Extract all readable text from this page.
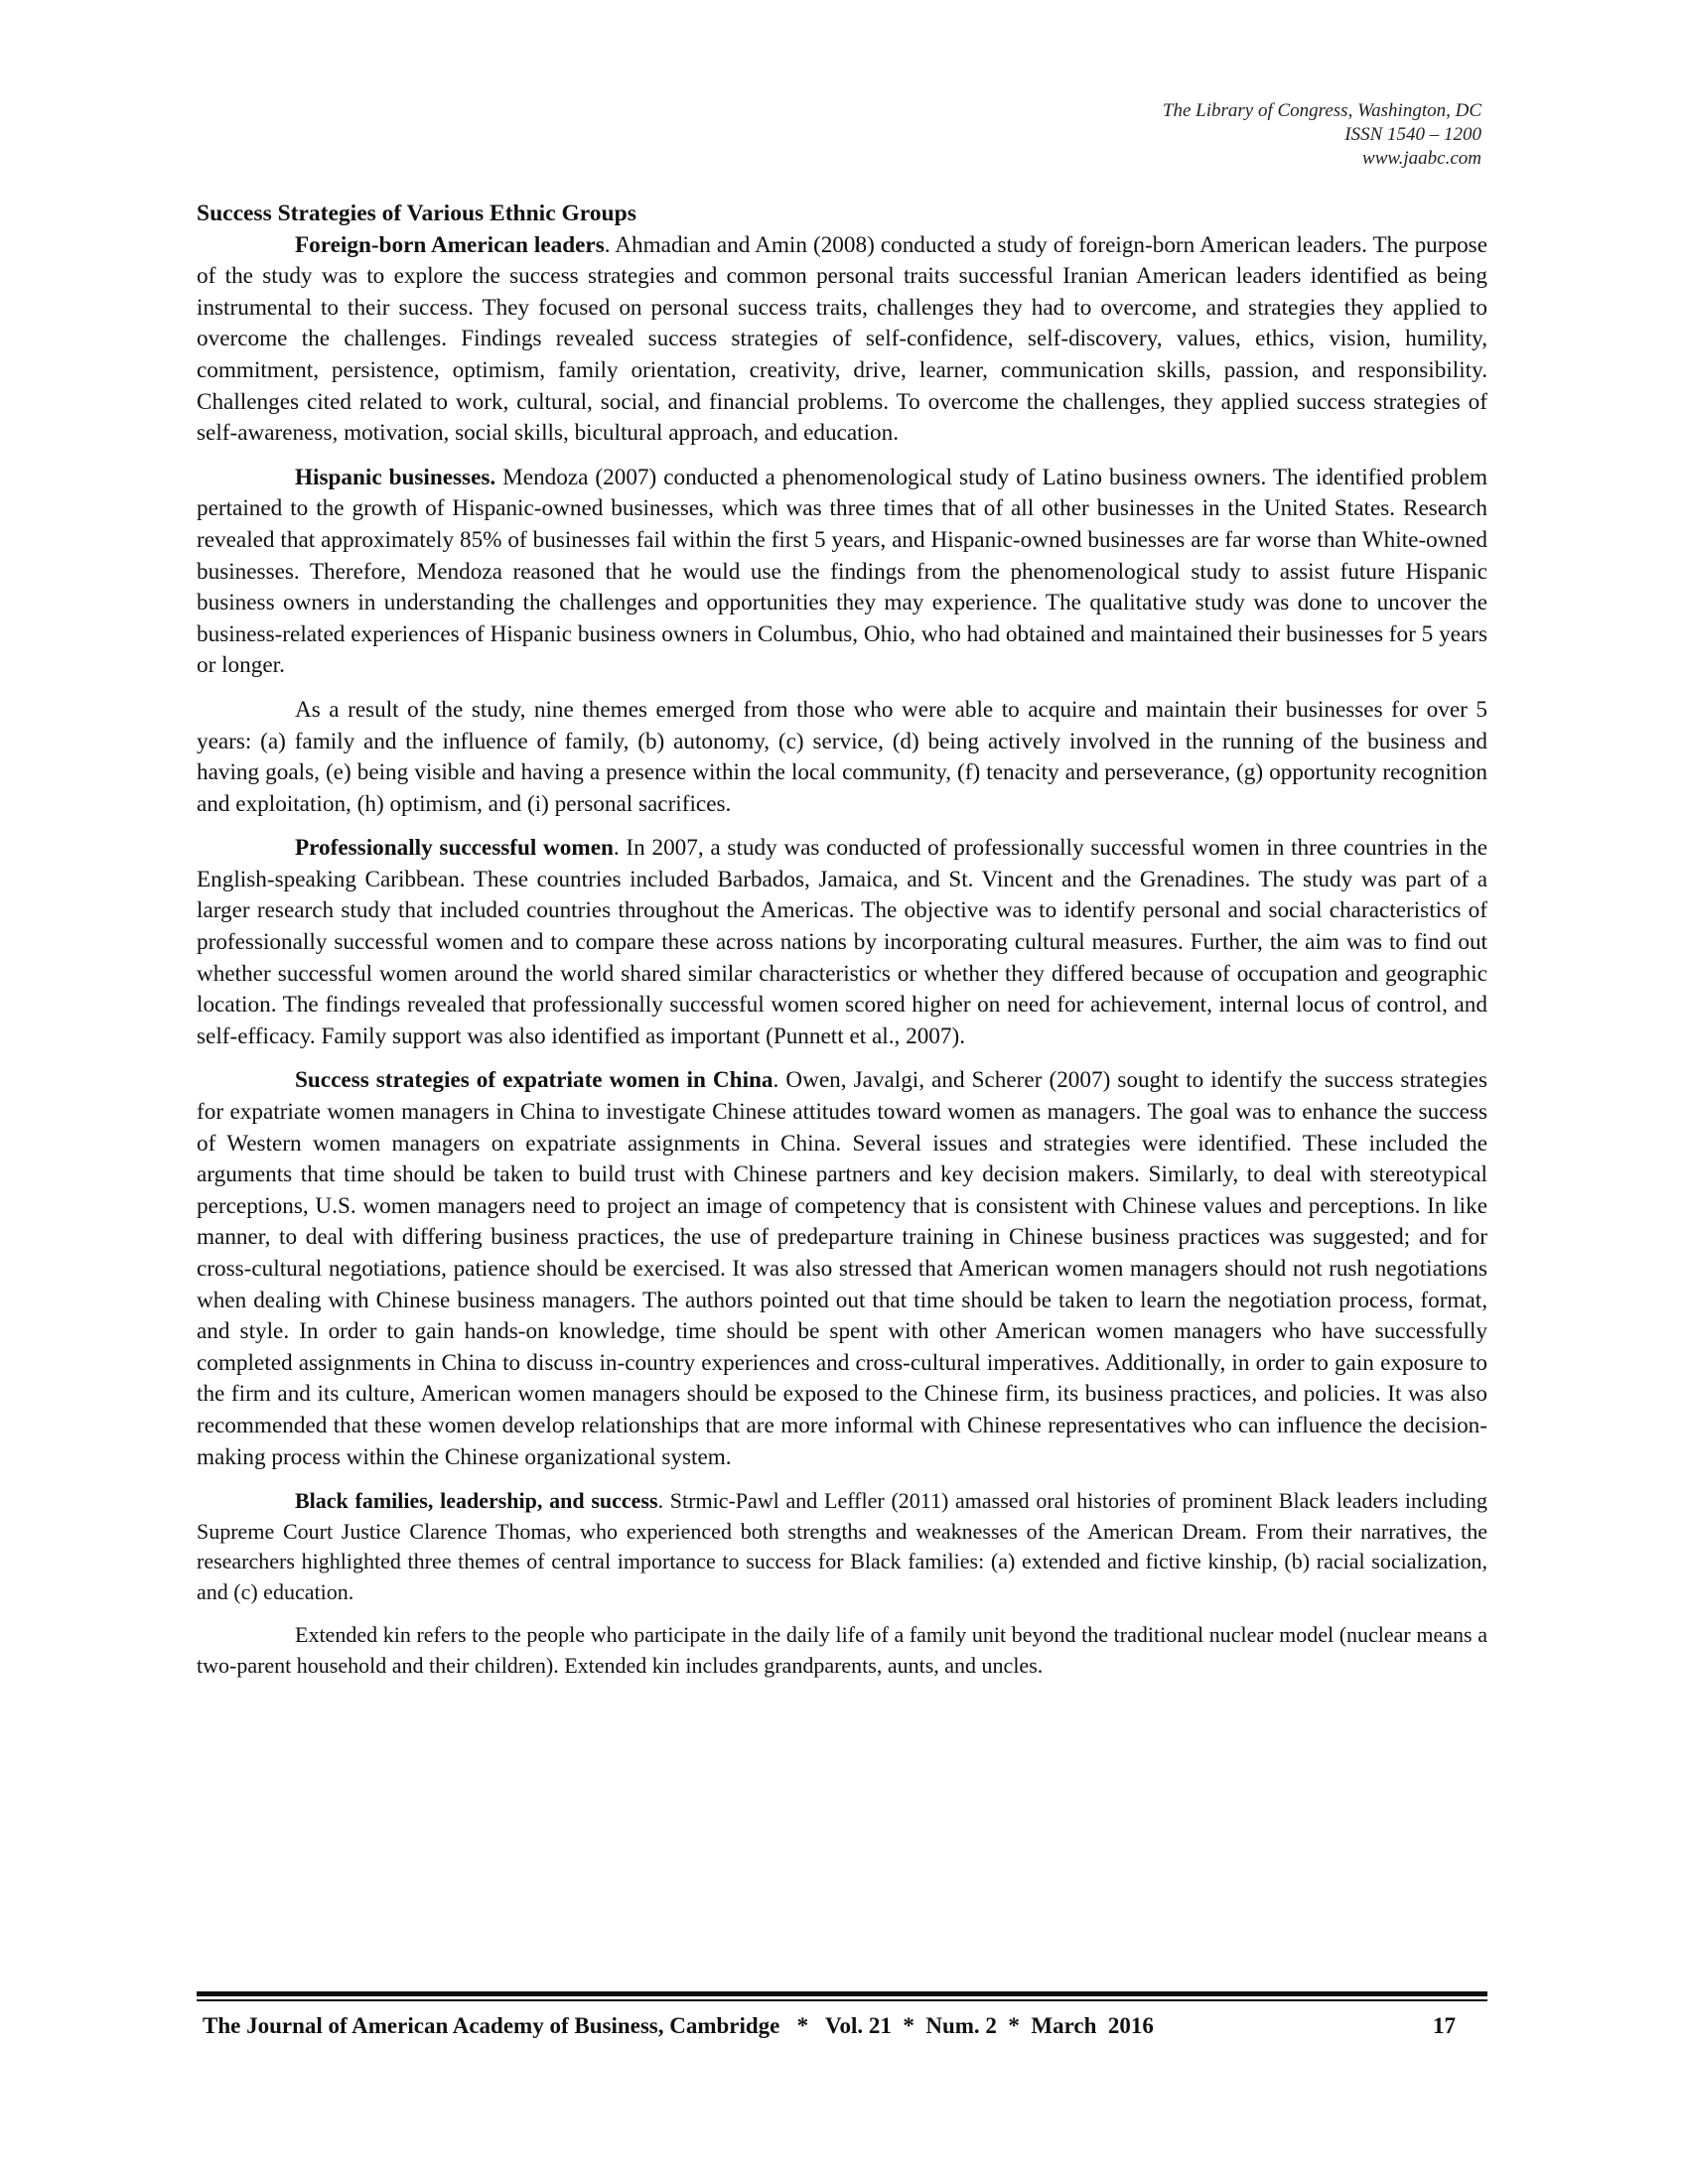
The Library of Congress, Washington, DC
ISSN 1540 – 1200
www.jaabc.com
Success Strategies of Various Ethnic Groups

Foreign-born American leaders. Ahmadian and Amin (2008) conducted a study of foreign-born American leaders. The purpose of the study was to explore the success strategies and common personal traits successful Iranian American leaders identified as being instrumental to their success. They focused on personal success traits, challenges they had to overcome, and strategies they applied to overcome the challenges. Findings revealed success strategies of self-confidence, self-discovery, values, ethics, vision, humility, commitment, persistence, optimism, family orientation, creativity, drive, learner, communication skills, passion, and responsibility. Challenges cited related to work, cultural, social, and financial problems. To overcome the challenges, they applied success strategies of self-awareness, motivation, social skills, bicultural approach, and education.

Hispanic businesses. Mendoza (2007) conducted a phenomenological study of Latino business owners. The identified problem pertained to the growth of Hispanic-owned businesses, which was three times that of all other businesses in the United States. Research revealed that approximately 85% of businesses fail within the first 5 years, and Hispanic-owned businesses are far worse than White-owned businesses. Therefore, Mendoza reasoned that he would use the findings from the phenomenological study to assist future Hispanic business owners in understanding the challenges and opportunities they may experience. The qualitative study was done to uncover the business-related experiences of Hispanic business owners in Columbus, Ohio, who had obtained and maintained their businesses for 5 years or longer.

As a result of the study, nine themes emerged from those who were able to acquire and maintain their businesses for over 5 years: (a) family and the influence of family, (b) autonomy, (c) service, (d) being actively involved in the running of the business and having goals, (e) being visible and having a presence within the local community, (f) tenacity and perseverance, (g) opportunity recognition and exploitation, (h) optimism, and (i) personal sacrifices.

Professionally successful women. In 2007, a study was conducted of professionally successful women in three countries in the English-speaking Caribbean. These countries included Barbados, Jamaica, and St. Vincent and the Grenadines. The study was part of a larger research study that included countries throughout the Americas. The objective was to identify personal and social characteristics of professionally successful women and to compare these across nations by incorporating cultural measures. Further, the aim was to find out whether successful women around the world shared similar characteristics or whether they differed because of occupation and geographic location. The findings revealed that professionally successful women scored higher on need for achievement, internal locus of control, and self-efficacy. Family support was also identified as important (Punnett et al., 2007).

Success strategies of expatriate women in China. Owen, Javalgi, and Scherer (2007) sought to identify the success strategies for expatriate women managers in China to investigate Chinese attitudes toward women as managers. The goal was to enhance the success of Western women managers on expatriate assignments in China. Several issues and strategies were identified. These included the arguments that time should be taken to build trust with Chinese partners and key decision makers. Similarly, to deal with stereotypical perceptions, U.S. women managers need to project an image of competency that is consistent with Chinese values and perceptions. In like manner, to deal with differing business practices, the use of predeparture training in Chinese business practices was suggested; and for cross-cultural negotiations, patience should be exercised. It was also stressed that American women managers should not rush negotiations when dealing with Chinese business managers. The authors pointed out that time should be taken to learn the negotiation process, format, and style. In order to gain hands-on knowledge, time should be spent with other American women managers who have successfully completed assignments in China to discuss in-country experiences and cross-cultural imperatives. Additionally, in order to gain exposure to the firm and its culture, American women managers should be exposed to the Chinese firm, its business practices, and policies. It was also recommended that these women develop relationships that are more informal with Chinese representatives who can influence the decision-making process within the Chinese organizational system.

Black families, leadership, and success. Strmic-Pawl and Leffler (2011) amassed oral histories of prominent Black leaders including Supreme Court Justice Clarence Thomas, who experienced both strengths and weaknesses of the American Dream. From their narratives, the researchers highlighted three themes of central importance to success for Black families: (a) extended and fictive kinship, (b) racial socialization, and (c) education.

Extended kin refers to the people who participate in the daily life of a family unit beyond the traditional nuclear model (nuclear means a two-parent household and their children). Extended kin includes grandparents, aunts, and uncles.

The Journal of American Academy of Business, Cambridge   *   Vol. 21  *  Num. 2  *  March  2016	17
